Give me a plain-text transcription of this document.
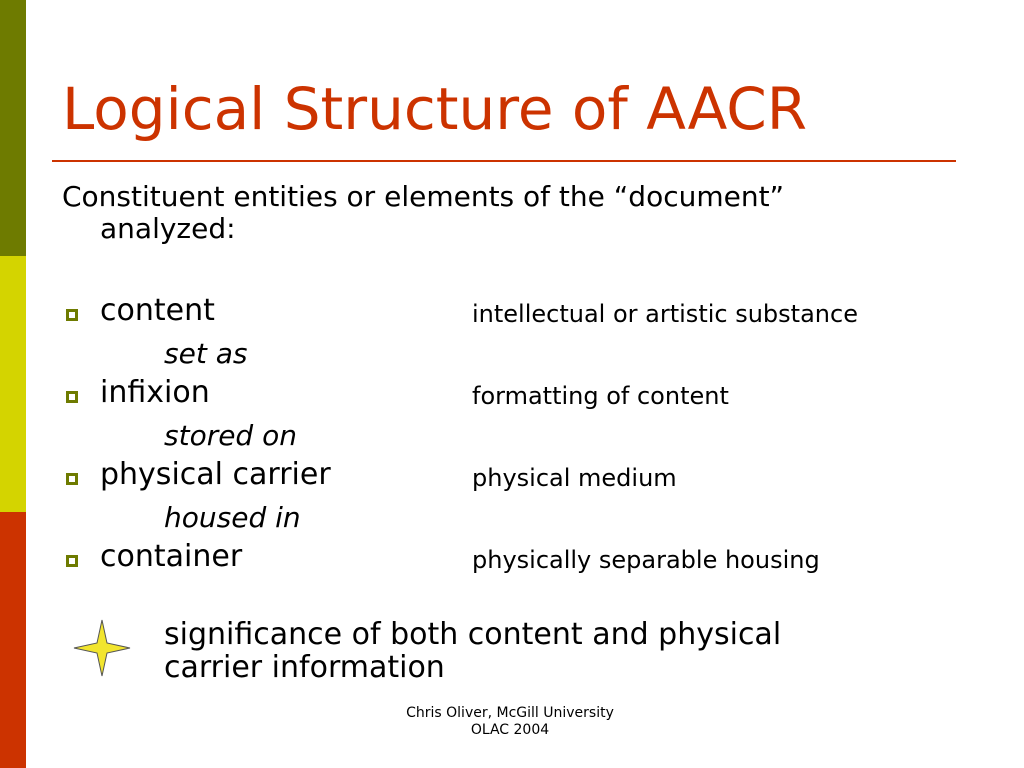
Logical Structure of AACR
Constituent entities or elements of the “document”
analyzed:
content	intellectual or artistic substance
set as
infixion	formatting of content
stored on
physical carrier	physical medium
housed in
container	physically separable housing
significance of both content and physical
carrier information
Chris Oliver, McGill University
OLAC 2004
